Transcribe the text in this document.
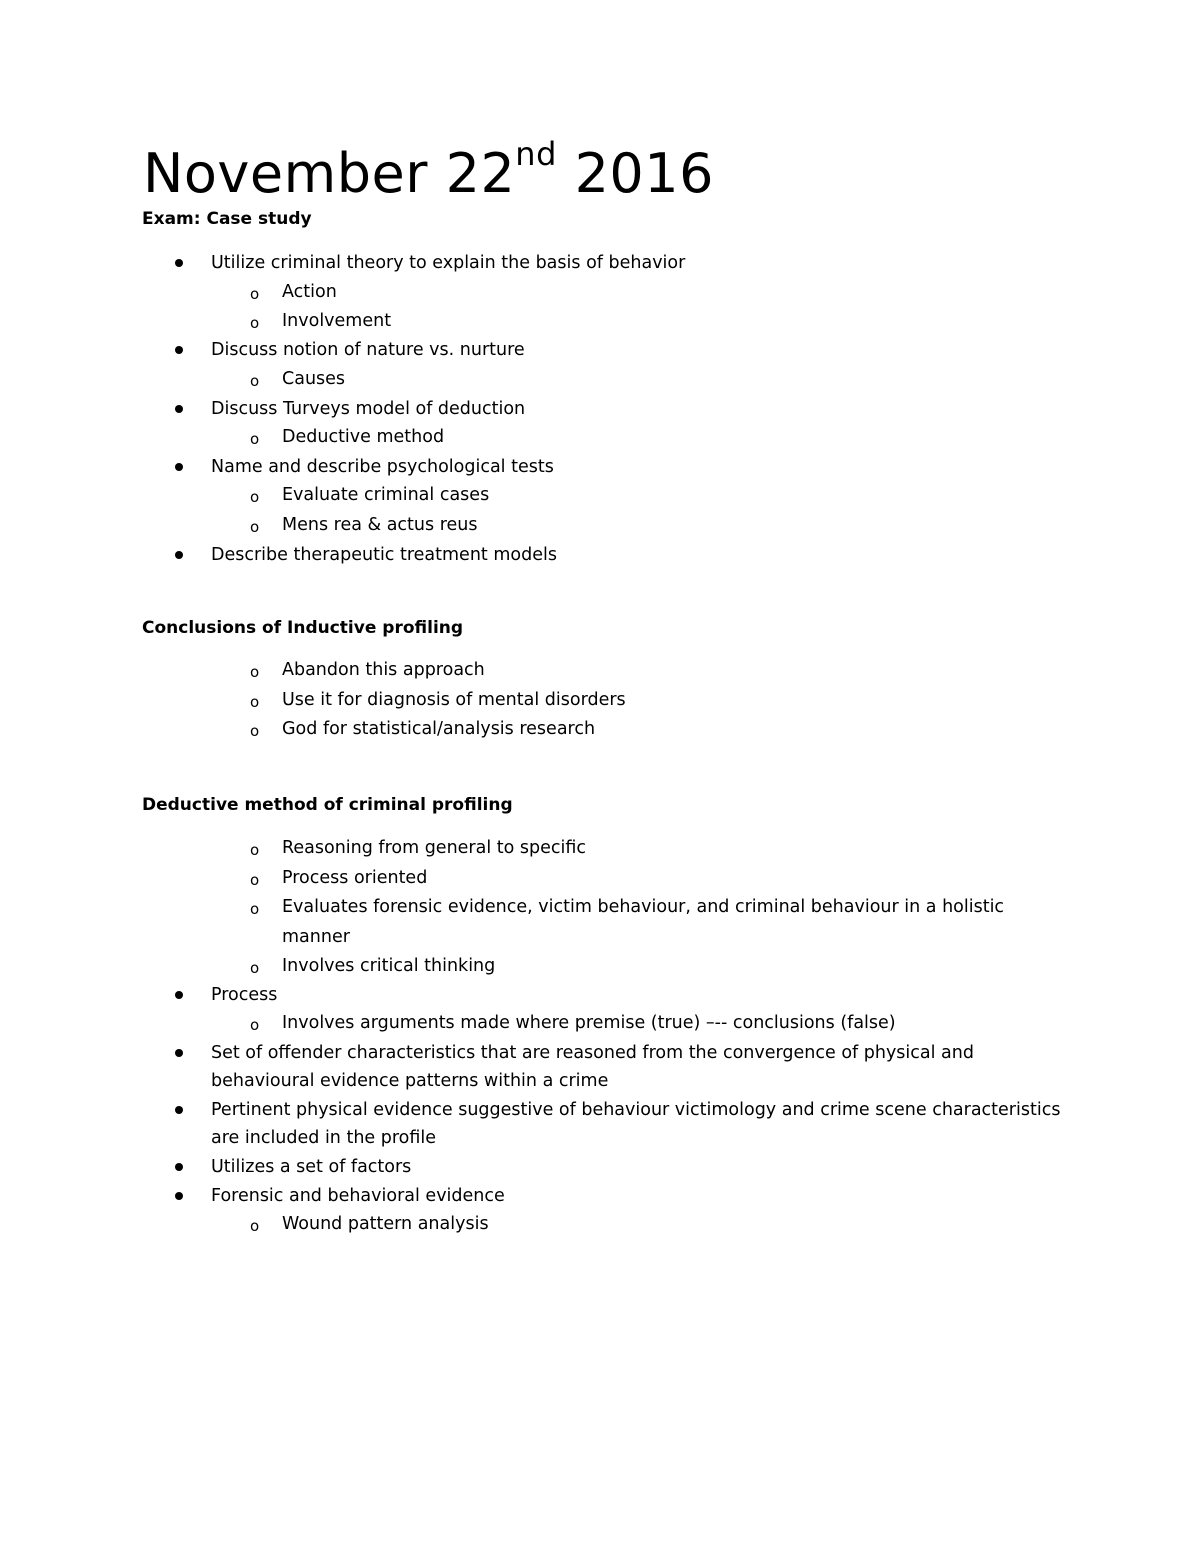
November 22nd 2016
Exam: Case study
Utilize criminal theory to explain the basis of behavior
o Action
o Involvement
Discuss notion of nature vs. nurture
o Causes
Discuss Turveys model of deduction
o Deductive method
Name and describe psychological tests
o Evaluate criminal cases
o Mens rea & actus reus
Describe therapeutic treatment models
Conclusions of Inductive profiling
o Abandon this approach
o Use it for diagnosis of mental disorders
o God for statistical/analysis research
Deductive method of criminal profiling
o Reasoning from general to specific
o Process oriented
o Evaluates forensic evidence, victim behaviour, and criminal behaviour in a holistic
manner
o Involves critical thinking
Process
o Involves arguments made where premise (true) –-- conclusions (false)
Set of offender characteristics that are reasoned from the convergence of physical and
behavioural evidence patterns within a crime
Pertinent physical evidence suggestive of behaviour victimology and crime scene characteristics
are included in the profile
Utilizes a set of factors
Forensic and behavioral evidence
o Wound pattern analysis
